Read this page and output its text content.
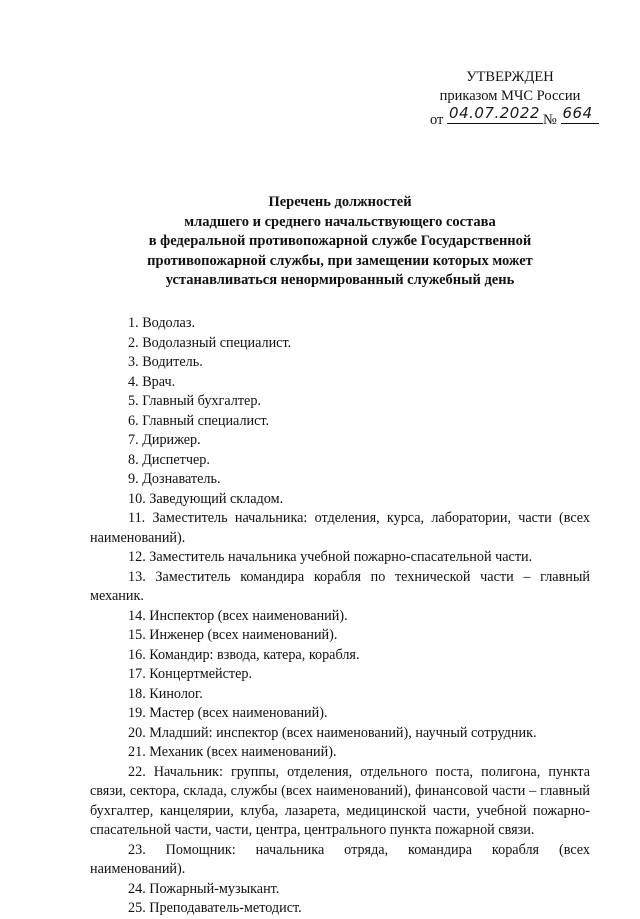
УТВЕРЖДЕН
приказом МЧС России
от 04.07.2022 № 664
Перечень должностей
младшего и среднего начальствующего состава
в федеральной противопожарной службе Государственной
противопожарной службы, при замещении которых может
устанавливаться ненормированный служебный день

1. Водолаз.

2. Водолазный специалист.

3. Водитель.

4. Врач.

5. Главный бухгалтер.

6. Главный специалист.

7. Дирижер.

8. Диспетчер.

9. Дознаватель.

10. Заведующий складом.

11. Заместитель начальника: отделения, курса, лаборатории, части (всех наименований).

12. Заместитель начальника учебной пожарно-спасательной части.

13. Заместитель командира корабля по технической части – главный механик.

14. Инспектор (всех наименований).

15. Инженер (всех наименований).

16. Командир: взвода, катера, корабля.

17. Концертмейстер.

18. Кинолог.

19. Мастер (всех наименований).

20. Младший: инспектор (всех наименований), научный сотрудник.

21. Механик (всех наименований).

22. Начальник: группы, отделения, отдельного поста, полигона, пункта связи, сектора, склада, службы (всех наименований), финансовой части – главный бухгалтер, канцелярии, клуба, лазарета, медицинской части, учебной пожарно-спасательной части, части, центра, центрального пункта пожарной связи.

23. Помощник: начальника отряда, командира корабля (всех наименований).

24. Пожарный-музыкант.

25. Преподаватель-методист.
